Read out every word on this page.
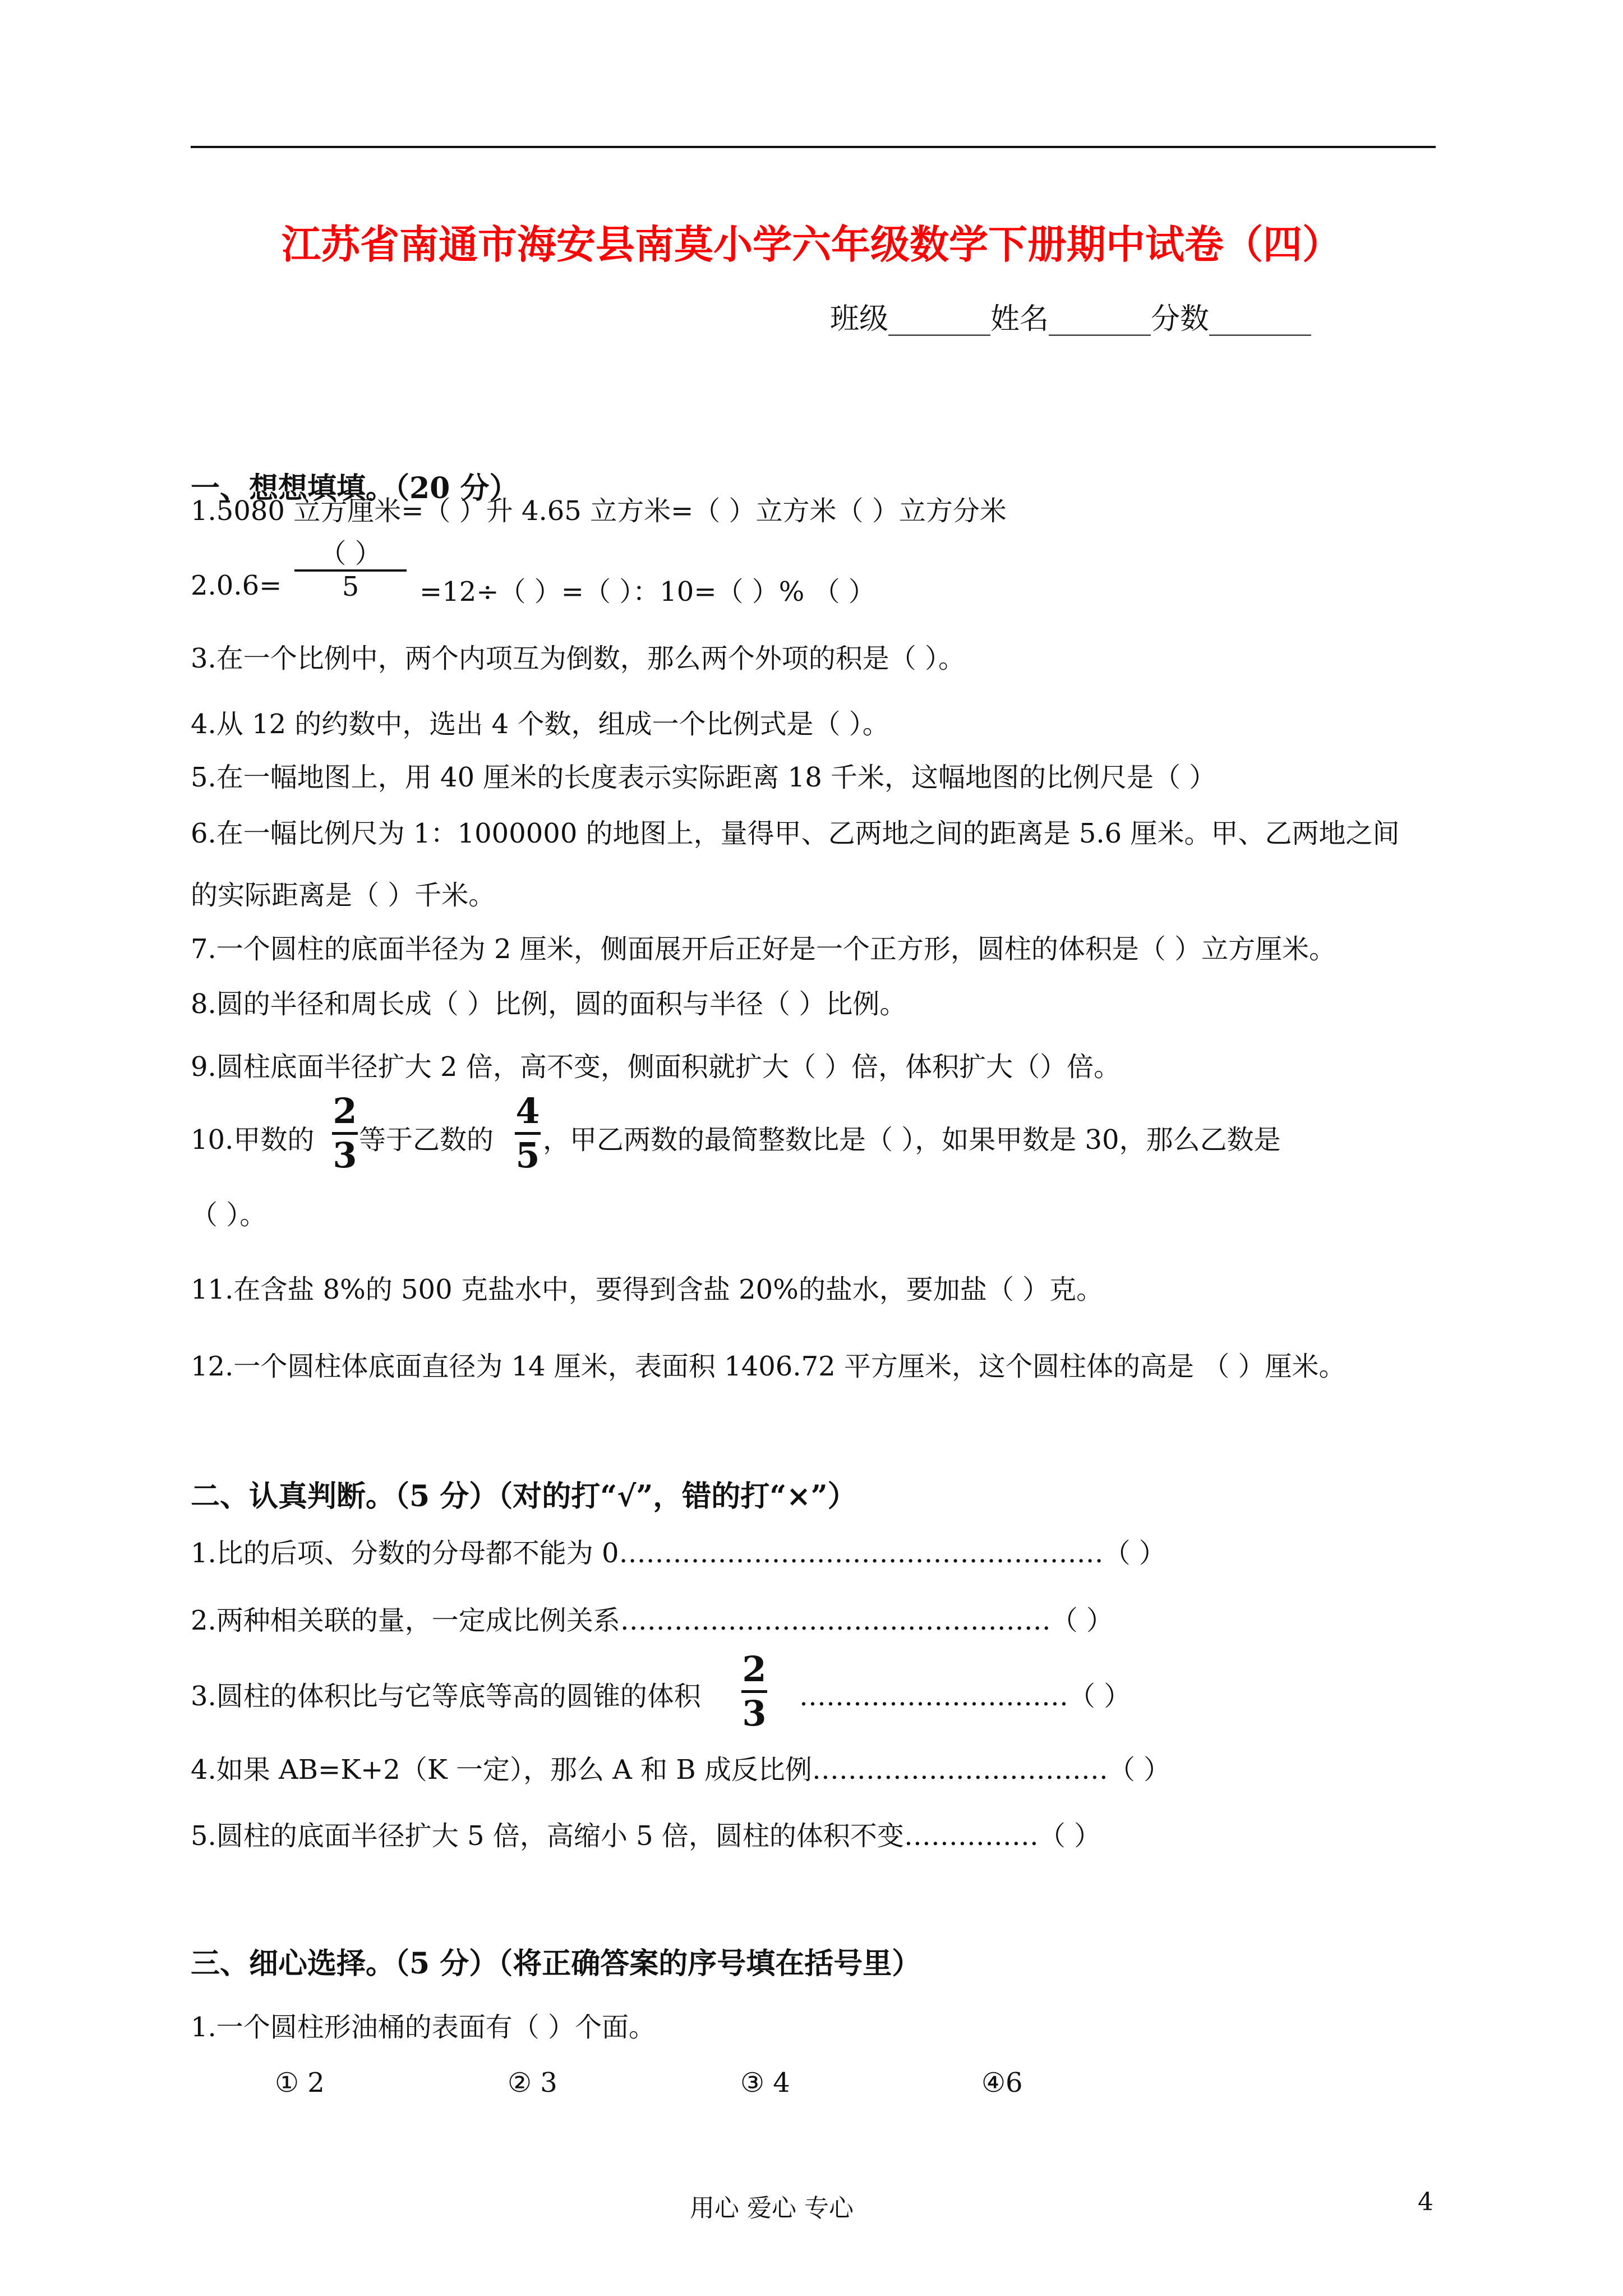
江苏省南通市海安县南莫小学六年级数学下册期中试卷（四）
班级_______姓名_______分数_______
一、想想填填。（20 分）
1.5080 立方厘米=（ ）升 4.65 立方米=（ ）立方米（ ）立方分米
2.0.6=
（ ）
5 =12÷（ ）=（ ）：10=（ ）% （ ）
3.在一个比例中，两个内项互为倒数，那么两个外项的积是（ ）。
4.从 12 的约数中，选出 4 个数，组成一个比例式是（ ）。
5.在一幅地图上，用 40 厘米的长度表示实际距离 18 千米，这幅地图的比例尺是（ ）
6.在一幅比例尺为 1：1000000 的地图上，量得甲、乙两地之间的距离是 5.6 厘米。甲、乙两地之间
的实际距离是（ ）千米。
7.一个圆柱的底面半径为 2 厘米，侧面展开后正好是一个正方形，圆柱的体积是（ ）立方厘米。
8.圆的半径和周长成（ ）比例，圆的面积与半径（ ）比例。
9.圆柱底面半径扩大 2 倍，高不变，侧面积就扩大（ ）倍，体积扩大（）倍。
10.甲数的
2
3 等于乙数的
4
5 ，甲乙两数的最简整数比是（ ），如果甲数是 30，那么乙数是
（ ）。
11.在含盐 8%的 500 克盐水中，要得到含盐 20%的盐水，要加盐（ ）克。
12.一个圆柱体底面直径为 14 厘米，表面积 1406.72 平方厘米，这个圆柱体的高是 （ ）厘米。
二、认真判断。（5 分）（对的打“√”，错的打“×”）
1.比的后项、分数的分母都不能为 0………………………………………………（ ）
2.两种相关联的量，一定成比例关系…………………………………………（ ）
3.圆柱的体积比与它等底等高的圆锥的体积
2
3 …………………………（ ）
4.如果 AB=K+2（K 一定），那么 A 和 B 成反比例……………………………（ ）
5.圆柱的底面半径扩大 5 倍，高缩小 5 倍，圆柱的体积不变……………（ ）
三、细心选择。（5 分）（将正确答案的序号填在括号里）
1.一个圆柱形油桶的表面有（ ）个面。
① 2	② 3	③ 4	④6
用心 爱心 专心	4
